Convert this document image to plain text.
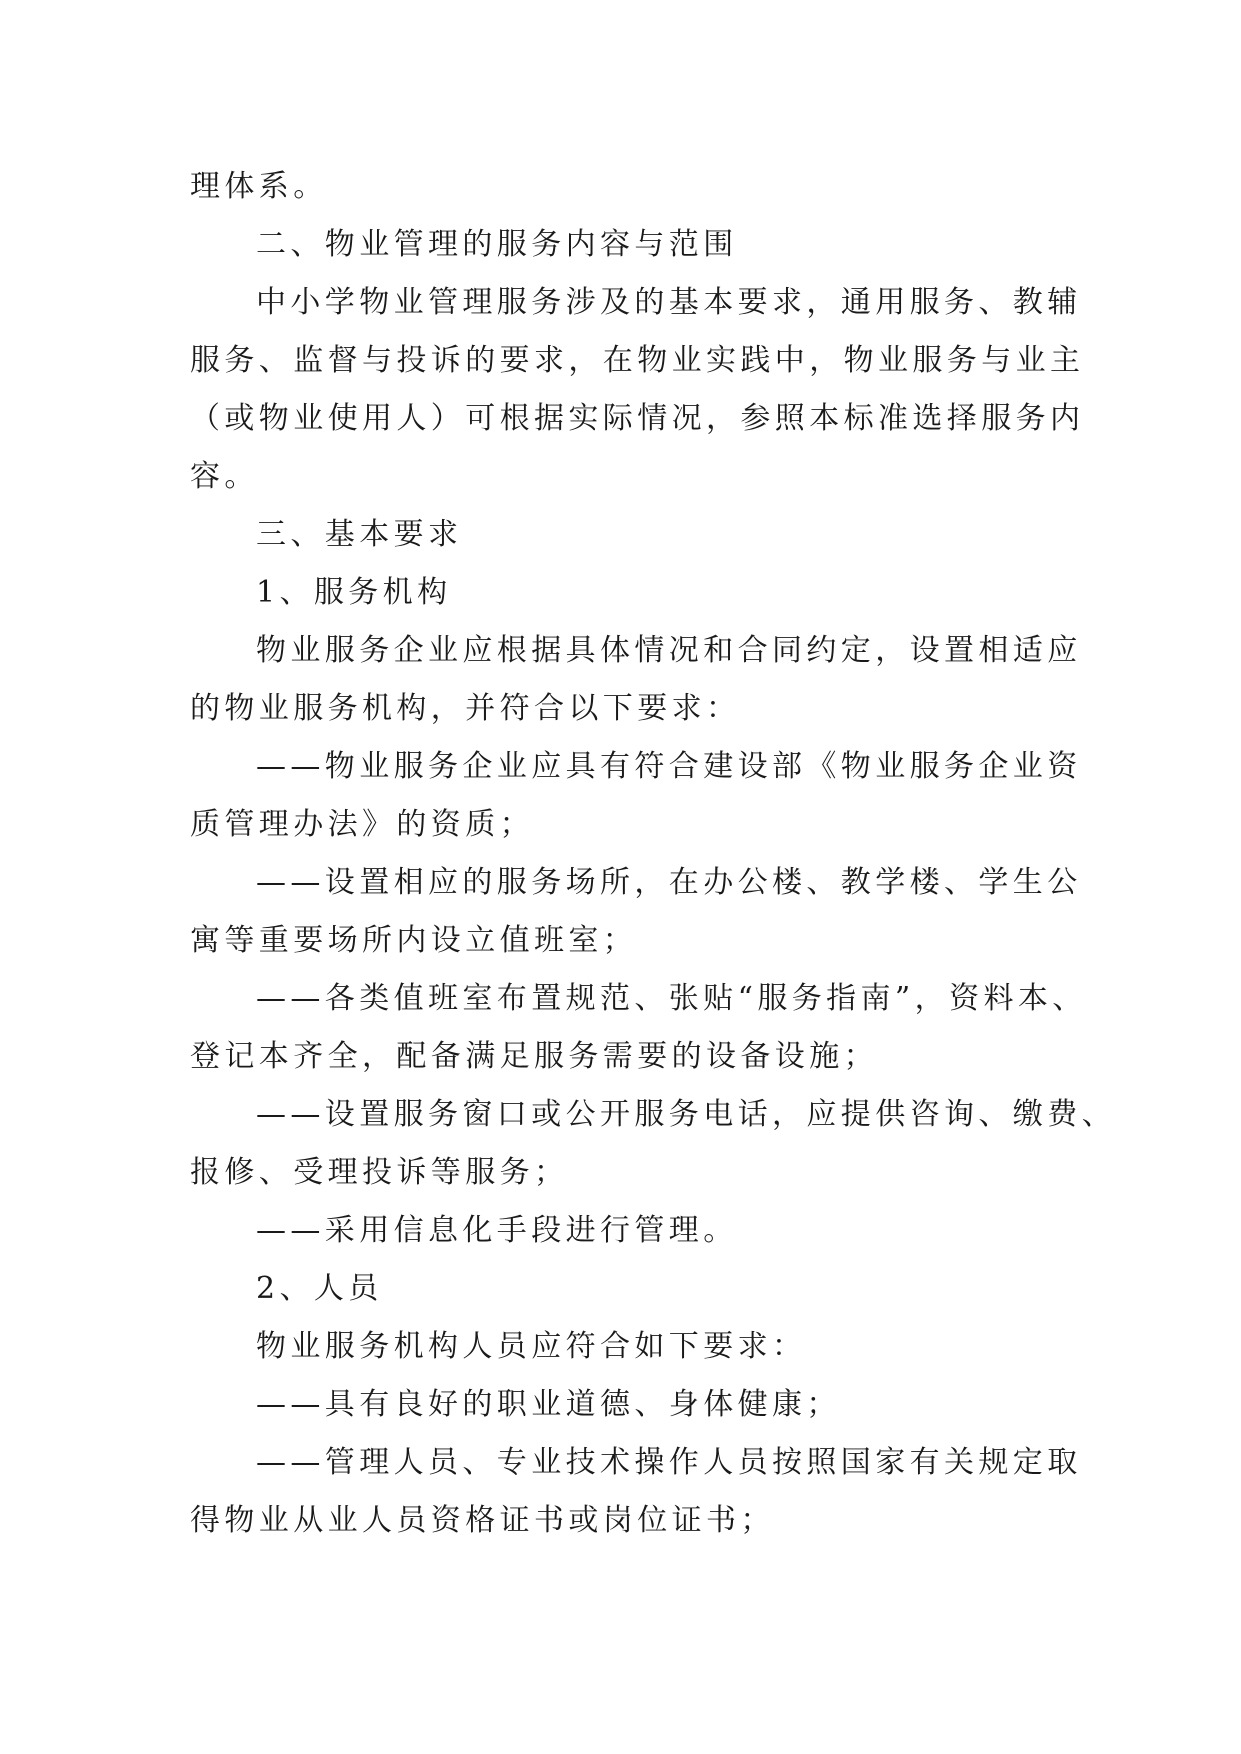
理体系。
二、物业管理的服务内容与范围
中小学物业管理服务涉及的基本要求，通用服务、教辅
服务、监督与投诉的要求，在物业实践中，物业服务与业主
（或物业使用人）可根据实际情况，参照本标准选择服务内
容。
三、基本要求
1、服务机构
物业服务企业应根据具体情况和合同约定，设置相适应
的物业服务机构，并符合以下要求：
——物业服务企业应具有符合建设部《物业服务企业资
质管理办法》的资质；
——设置相应的服务场所，在办公楼、教学楼、学生公
寓等重要场所内设立值班室；
——各类值班室布置规范、张贴“服务指南”，资料本、
登记本齐全，配备满足服务需要的设备设施；
——设置服务窗口或公开服务电话，应提供咨询、缴费、
报修、受理投诉等服务；
——采用信息化手段进行管理。
2、人员
物业服务机构人员应符合如下要求：
——具有良好的职业道德、身体健康；
——管理人员、专业技术操作人员按照国家有关规定取
得物业从业人员资格证书或岗位证书；
